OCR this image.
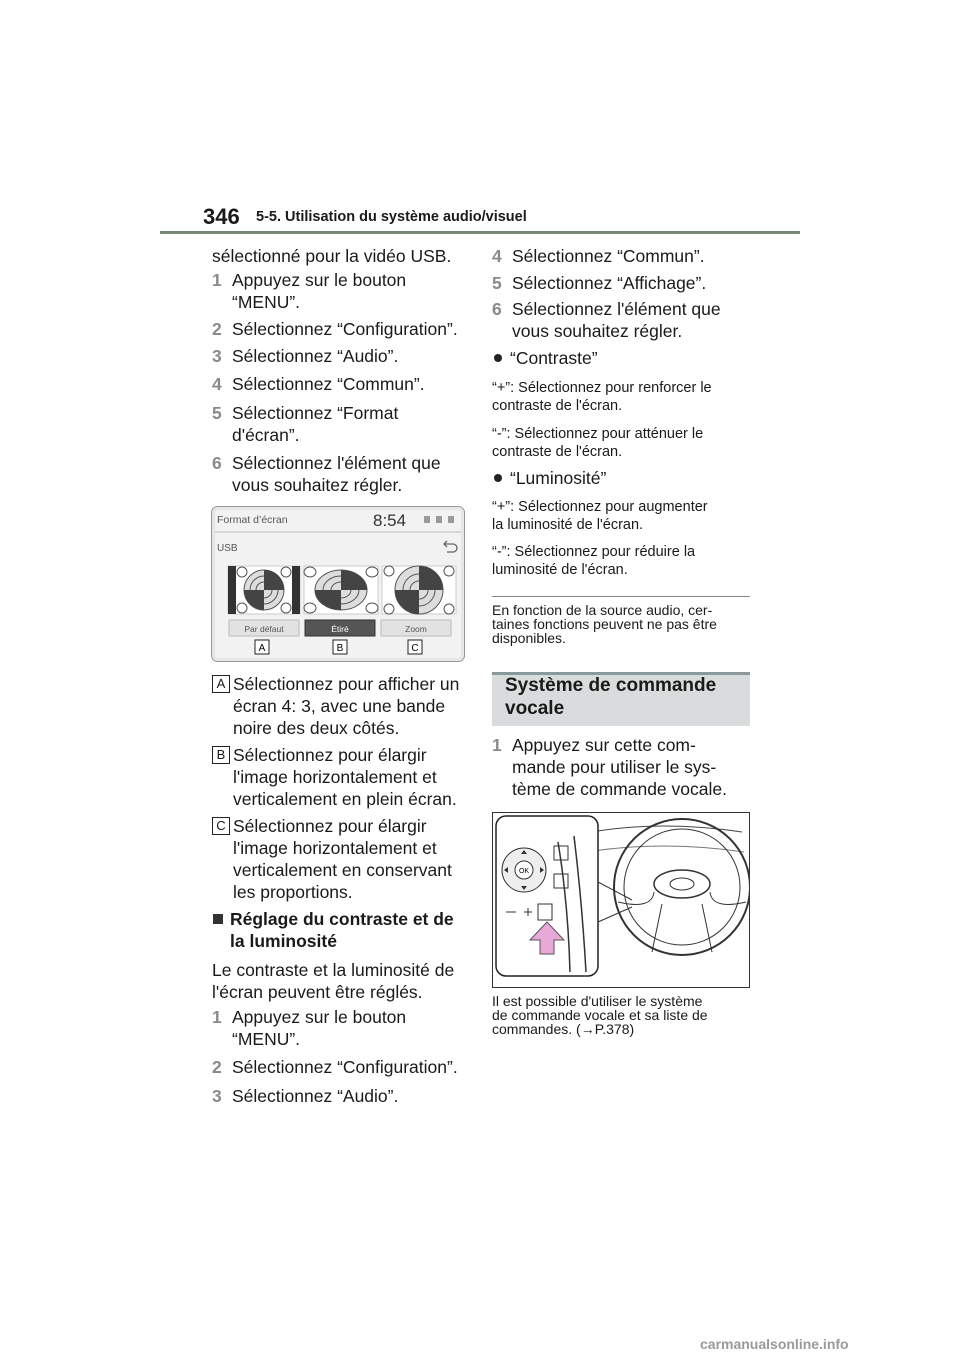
346 5-5. Utilisation du système audio/visuel
sélectionné pour la vidéo USB.
1 Appuyez sur le bouton
“MENU”.
2 Sélectionnez “Configuration”.
3 Sélectionnez “Audio”.
4 Sélectionnez “Commun”.
5 Sélectionnez “Format
d'écran”.
6 Sélectionnez l'élément que
vous souhaitez régler.
Format d’écran	8:54
USB
Par défaut	Étiré	Zoom
A	B	C
A Sélectionnez pour afficher un
écran 4: 3, avec une bande
noire des deux côtés.
B Sélectionnez pour élargir
l'image horizontalement et
verticalement en plein écran.
C Sélectionnez pour élargir
l'image horizontalement et
verticalement en conservant
les proportions.
Réglage du contraste et de
la luminosité
Le contraste et la luminosité de
l'écran peuvent être réglés.
1 Appuyez sur le bouton
“MENU”.
2 Sélectionnez “Configuration”.
3 Sélectionnez “Audio”.
4 Sélectionnez “Commun”.
5 Sélectionnez “Affichage”.
6 Sélectionnez l'élément que
vous souhaitez régler.
“Contraste”
“+”: Sélectionnez pour renforcer le
contraste de l'écran.
“-”: Sélectionnez pour atténuer le
contraste de l'écran.
“Luminosité”
“+”: Sélectionnez pour augmenter
la luminosité de l'écran.
“-”: Sélectionnez pour réduire la
luminosité de l'écran.
En fonction de la source audio, cer-
taines fonctions peuvent ne pas être
disponibles.
Système de commande
vocale
1 Appuyez sur cette com-
mande pour utiliser le sys-
tème de commande vocale.
OK
Il est possible d'utiliser le système
de commande vocale et sa liste de
commandes. (→P.378)
carmanualsonline.info
